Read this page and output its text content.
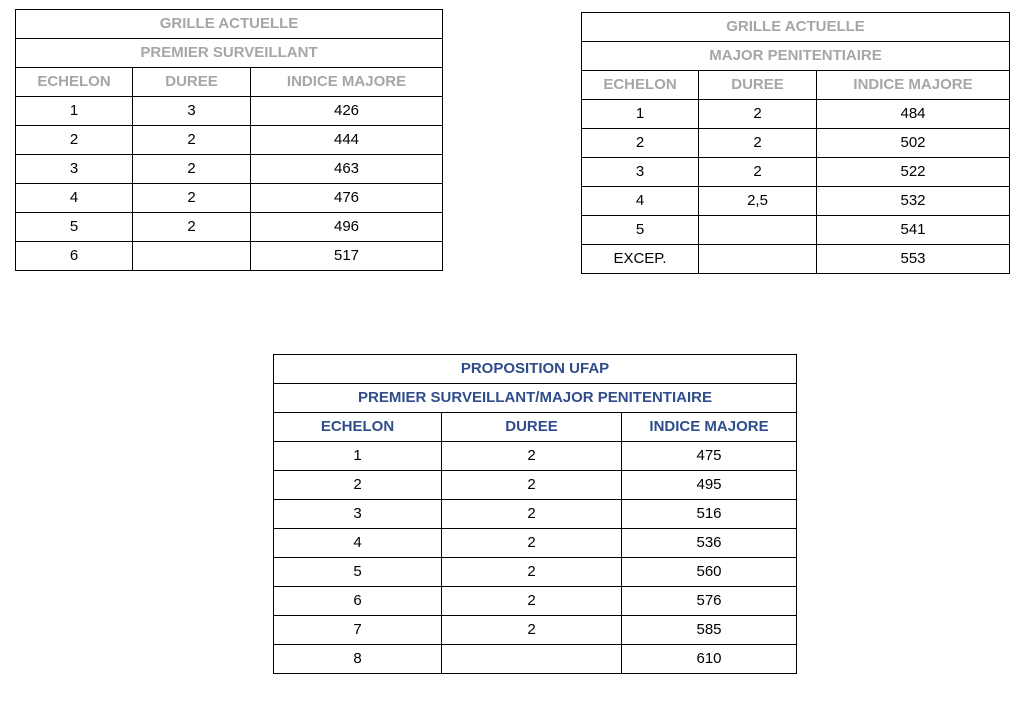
GRILLE ACTUELLE		
PREMIER SURVEILLANT		
ECHELON	DUREE	INDICE MAJORE
1	3	426
2	2	444
3	2	463
4	2	476
5	2	496
6		517
GRILLE ACTUELLE		
MAJOR PENITENTIAIRE		
ECHELON	DUREE	INDICE MAJORE
1	2	484
2	2	502
3	2	522
4	2,5	532
5		541
EXCEP.		553
PROPOSITION UFAP		
PREMIER SURVEILLANT/MAJOR PENITENTIAIRE		
ECHELON	DUREE	INDICE MAJORE
1	2	475
2	2	495
3	2	516
4	2	536
5	2	560
6	2	576
7	2	585
8		610
